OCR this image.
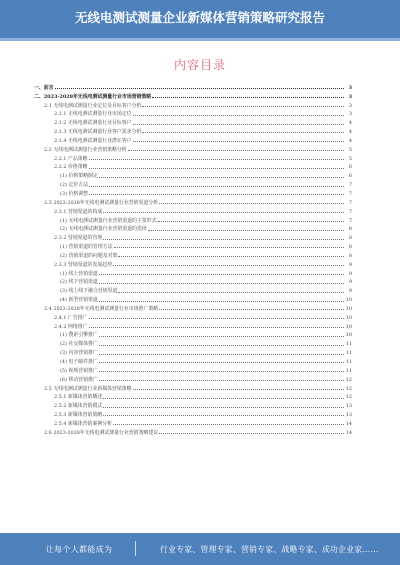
无线电测试测量企业新媒体营销策略研究报告
内容目录
一、前言	3
二、2023-2028年无线电测试测量行业市场营销策略	3
2.1 无线电测试测量行业定位及目标客户分析	3
2.1.1 无线电测试测量行业市场定位	3
2.1.2 无线电测试测量行业目标客户	4
2.1.3 无线电测试测量行业客户需求分析	4
2.1.4 无线电测试测量行业潜在客户	4
2.2 无线电测试测量行业营销策略分析	5
2.2.1 产品策略	5
2.2.2 价格策略	6
(1) 价格策略制定	6
(2) 定价方法	7
(3) 价格调整	7
2.3 2023-2028年无线电测试测量行业营销渠道分析	7
2.3.1 营销渠道的构成	7
(1) 无线电测试测量行业营销渠道的主要形式	7
(2) 无线电测试测量行业营销渠道的选择	8
2.3.2 营销渠道的管理	8
(1) 营销渠道的管理方法	8
(2) 营销渠道的问题及对策	8
2.3.3 营销渠道的发展趋势	9
(1) 线上营销渠道	9
(2) 线下营销渠道	9
(3) 线上线下融合营销渠道	9
(4) 新型营销渠道	10
2.4 2023-2028年无线电测试测量行业市场推广策略	10
2.4.1 广告推广	10
2.4.2 网络推广	10
(1) 搜索引擎推广	10
(2) 社交媒体推广	11
(3) 内容营销推广	11
(4) 电子邮件推广	11
(5) 视频营销推广	11
(6) 移动营销推广	12
2.5 无线电测试测量行业新媒体营销策略	12
2.5.1 新媒体营销概述	12
2.5.2 新媒体营销模式	13
2.5.3 新媒体营销策略	13
2.5.4 新媒体营销案例分析	14
2.6 2023-2028年无线电测试测量行业营销策略建议	14
让每个人都能成为	行业专家、管理专家、营销专家、战略专家、成功企业家……
